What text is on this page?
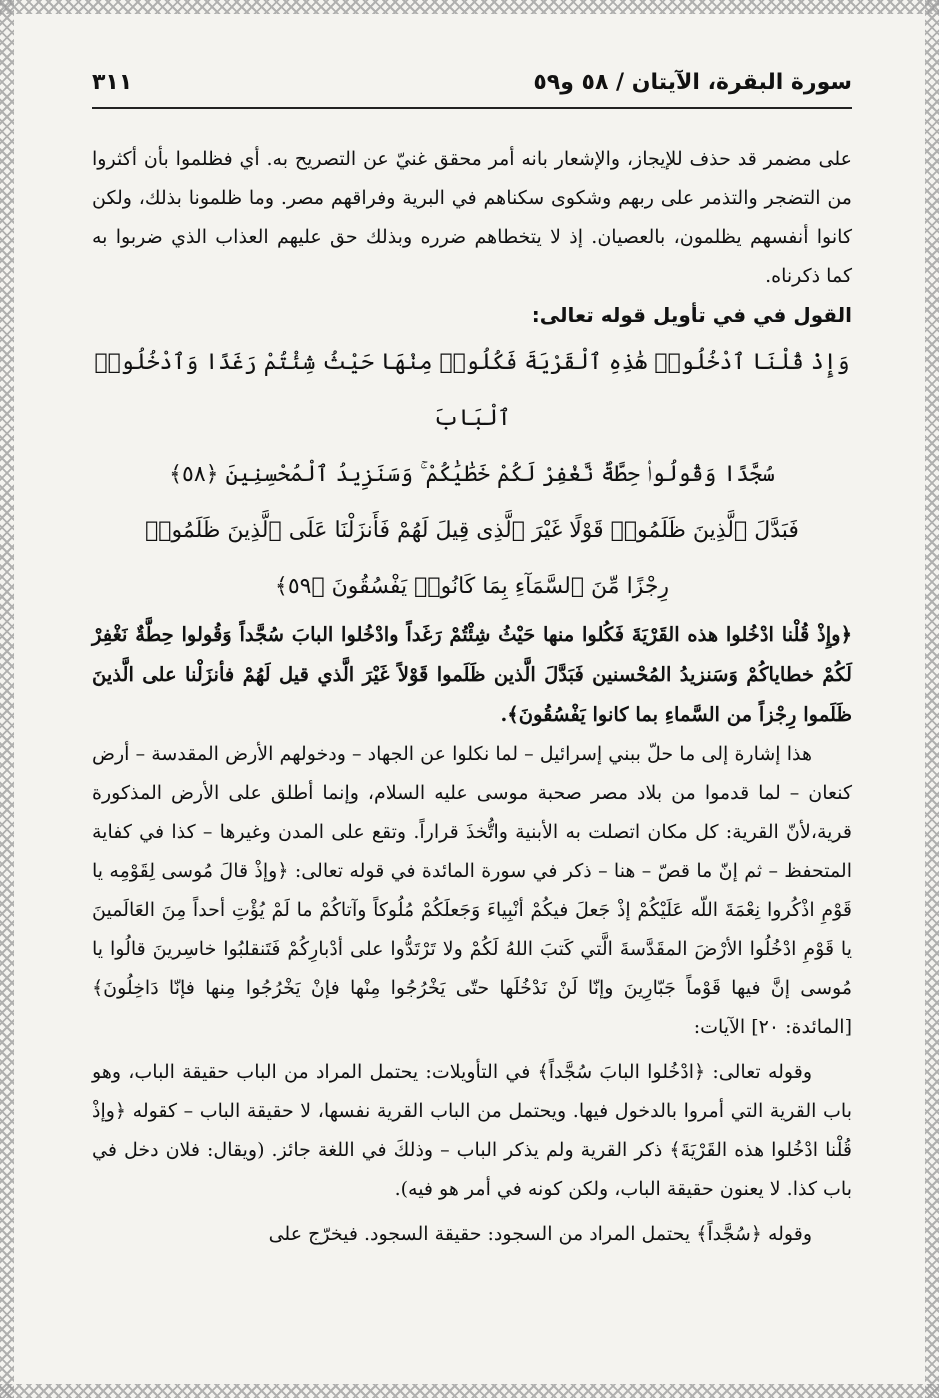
سورة البقرة، الآيتان / ٥٨ و٥٩
٣١١

على مضمر قد حذف للإيجاز، والإشعار بانه أمر محقق غنيّ عن التصريح به. أي فظلموا بأن أكثروا من التضجر والتذمر على ربهم وشكوى سكناهم في البرية وفراقهم مصر. وما ظلمونا بذلك، ولكن كانوا أنفسهم يظلمون، بالعصيان. إذ لا يتخطاهم ضرره وبذلك حق عليهم العذاب الذي ضربوا به كما ذكرناه.

القول في في تأويل قوله تعالى:

وَإِذْ قُلْنَا ٱدْخُلُوا۟ هَٰذِهِ ٱلْقَرْيَةَ فَكُلُوا۟ مِنْهَا حَيْثُ شِئْتُمْ رَغَدًا وَٱدْخُلُوا۟ ٱلْبَابَ
سُجَّدًا وَقُولُوا۟ حِطَّةٌ نَّغْفِرْ لَكُمْ خَطَٰيَٰكُمْ ۚ وَسَنَزِيدُ ٱلْمُحْسِنِينَ ﴿٥٨﴾
فَبَدَّلَ ٱلَّذِينَ ظَلَمُوا۟ قَوْلًا غَيْرَ ٱلَّذِى قِيلَ لَهُمْ فَأَنزَلْنَا عَلَى ٱلَّذِينَ ظَلَمُوا۟
رِجْزًا مِّنَ ٱلسَّمَآءِ بِمَا كَانُوا۟ يَفْسُقُونَ ﴿٥٩﴾

﴿وإِذْ قُلْنا ادْخُلوا هذه القَرْيَةَ فَكُلوا منها حَيْثُ شِئْتُمْ رَغَداً وادْخُلوا البابَ سُجَّداً وَقُولوا حِطَّةٌ نَغْفِرْ لَكُمْ خطاياكُمْ وَسَنزيدُ المُحْسنين فَبَدَّلَ الَّذين ظَلَموا قَوْلاً غَيْرَ الَّذي قيل لَهُمْ فأنزَلْنا على الَّذينَ ظَلَموا رِجْزاً من السَّماءِ بما كانوا يَفْسُقُونَ﴾.

هذا إشارة إلى ما حلّ ببني إسرائيل – لما نكلوا عن الجهاد – ودخولهم الأرض المقدسة – أرض كنعان – لما قدموا من بلاد مصر صحبة موسى عليه السلام، وإنما أطلق على الأرض المذكورة قرية،لأنّ القرية: كل مكان اتصلت به الأبنية واتُّخذَ قراراً. وتقع على المدن وغيرها – كذا في كفاية المتحفظ – ثم إنّ ما قصّ – هنا – ذكر في سورة المائدة في قوله تعالى: ﴿وإذْ قالَ مُوسى لِقَوْمِه يا قَوْمِ اذْكُروا نِعْمَةَ اللّه عَلَيْكُمْ إذْ جَعلَ فيكُمْ أنْبِياءَ وَجَعلَكُمْ مُلُوكاً وآتاكُمْ ما لَمْ يُؤْتِ أحداً مِنَ العَالَمينَ يا قَوْمِ ادْخُلُوا الأرْضَ المقَدَّسةَ الَّتي كَتبَ اللهُ لَكُمْ ولا تَرْتَدُّوا على أدْبارِكُمْ فَتَنقلبُوا خاسِرينَ قالُوا يا مُوسى إنَّ فيها قَوْماً جَبّارِينَ وإنّا لَنْ نَدْخُلَها حتّى يَخْرُجُوا مِنْها فإنْ يَخْرُجُوا مِنها فإنّا دَاخِلُونَ﴾ [المائدة: ٢٠] الآيات:

وقوله تعالى: ﴿ادْخُلوا البابَ سُجَّداً﴾ في التأويلات: يحتمل المراد من الباب حقيقة الباب، وهو باب القرية التي أمروا بالدخول فيها. ويحتمل من الباب القرية نفسها، لا حقيقة الباب – كقوله ﴿وإذْ قُلْنا ادْخُلوا هذه القَرْيَةَ﴾ ذكر القرية ولم يذكر الباب – وذلكَ في اللغة جائز. (ويقال: فلان دخل في باب كذا. لا يعنون حقيقة الباب، ولكن كونه في أمر هو فيه).

وقوله ﴿سُجَّداً﴾ يحتمل المراد من السجود: حقيقة السجود. فيخرّج على
